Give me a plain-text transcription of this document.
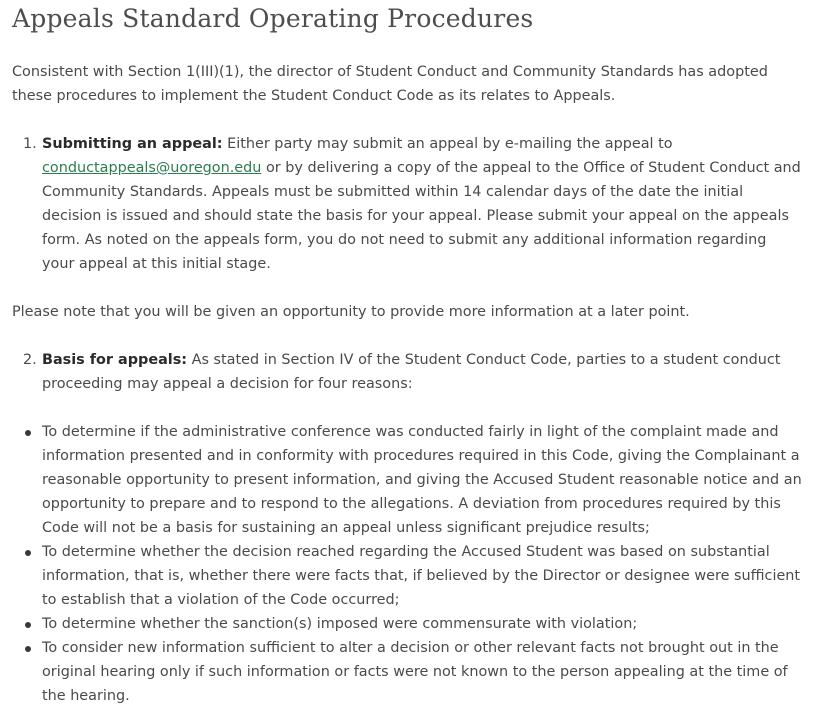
Appeals Standard Operating Procedures

Consistent with Section 1(III)(1), the director of Student Conduct and Community Standards has adopted these procedures to implement the Student Conduct Code as its relates to Appeals.

1. Submitting an appeal: Either party may submit an appeal by e-mailing the appeal to conductappeals@uoregon.edu or by delivering a copy of the appeal to the Office of Student Conduct and Community Standards. Appeals must be submitted within 14 calendar days of the date the initial decision is issued and should state the basis for your appeal. Please submit your appeal on the appeals form. As noted on the appeals form, you do not need to submit any additional information regarding your appeal at this initial stage.

Please note that you will be given an opportunity to provide more information at a later point.

2. Basis for appeals: As stated in Section IV of the Student Conduct Code, parties to a student conduct proceeding may appeal a decision for four reasons:
To determine if the administrative conference was conducted fairly in light of the complaint made and information presented and in conformity with procedures required in this Code, giving the Complainant a reasonable opportunity to present information, and giving the Accused Student reasonable notice and an opportunity to prepare and to respond to the allegations. A deviation from procedures required by this Code will not be a basis for sustaining an appeal unless significant prejudice results;
To determine whether the decision reached regarding the Accused Student was based on substantial information, that is, whether there were facts that, if believed by the Director or designee were sufficient to establish that a violation of the Code occurred;
To determine whether the sanction(s) imposed were commensurate with violation;
To consider new information sufficient to alter a decision or other relevant facts not brought out in the original hearing only if such information or facts were not known to the person appealing at the time of the hearing.
